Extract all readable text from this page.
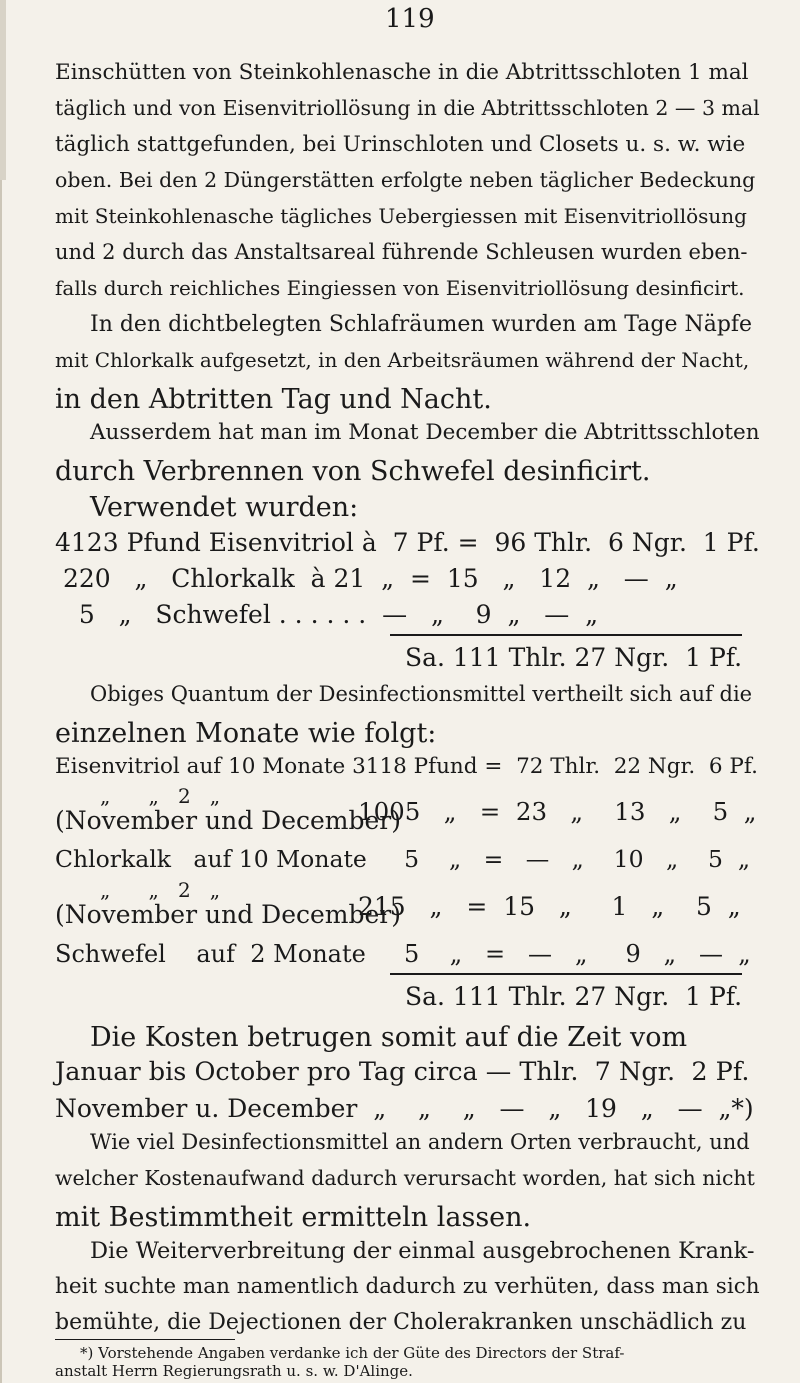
119
Einschütten von Steinkohlenasche in die Abtrittsschloten 1 mal
täglich und von Eisenvitriollösung in die Abtrittsschloten 2 — 3 mal
täglich stattgefunden, bei Urinschloten und Closets u. s. w. wie
oben. Bei den 2 Düngerstätten erfolgte neben täglicher Bedeckung
mit Steinkohlenasche tägliches Uebergiessen mit Eisenvitriollösung
und 2 durch das Anstaltsareal führende Schleusen wurden eben-
falls durch reichliches Eingiessen von Eisenvitriollösung desinficirt.
In den dichtbelegten Schlafräumen wurden am Tage Näpfe
mit Chlorkalk aufgesetzt, in den Arbeitsräumen während der Nacht,
in den Abtritten Tag und Nacht.
Ausserdem hat man im Monat December die Abtrittsschloten
durch Verbrennen von Schwefel desinficirt.
Verwendet wurden:
4123 Pfund Eisenvitriol à  7 Pf. =  96 Thlr.  6 Ngr.  1 Pf.
220   „   Chlorkalk  à 21  „  =  15   „   12  „   —  „
5   „   Schwefel . . . . . .  —   „    9  „   —  „
Sa. 111 Thlr. 27 Ngr.  1 Pf.
Obiges Quantum der Desinfectionsmittel vertheilt sich auf die
einzelnen Monate wie folgt:
Eisenvitriol auf 10 Monate 3118 Pfund =  72 Thlr.  22 Ngr.  6 Pf.
„      „   2   „
(November und December)
1005   „   =  23   „    13   „    5  „
Chlorkalk   auf 10 Monate     5    „   =   —   „    10   „    5  „
„      „   2   „
(November und December)
215   „   =  15   „     1   „    5  „
Schwefel    auf  2 Monate     5    „   =   —   „     9   „   —  „
Sa. 111 Thlr. 27 Ngr.  1 Pf.
Die Kosten betrugen somit auf die Zeit vom
Januar bis October pro Tag circa — Thlr.  7 Ngr.  2 Pf.
November u. December  „    „    „   —   „   19   „   —  „*)
Wie viel Desinfectionsmittel an andern Orten verbraucht, und
welcher Kostenaufwand dadurch verursacht worden, hat sich nicht
mit Bestimmtheit ermitteln lassen.
Die Weiterverbreitung der einmal ausgebrochenen Krank-
heit suchte man namentlich dadurch zu verhüten, dass man sich
bemühte, die Dejectionen der Cholerakranken unschädlich zu
*) Vorstehende Angaben verdanke ich der Güte des Directors der Straf-
anstalt Herrn Regierungsrath u. s. w. D'Alinge.
